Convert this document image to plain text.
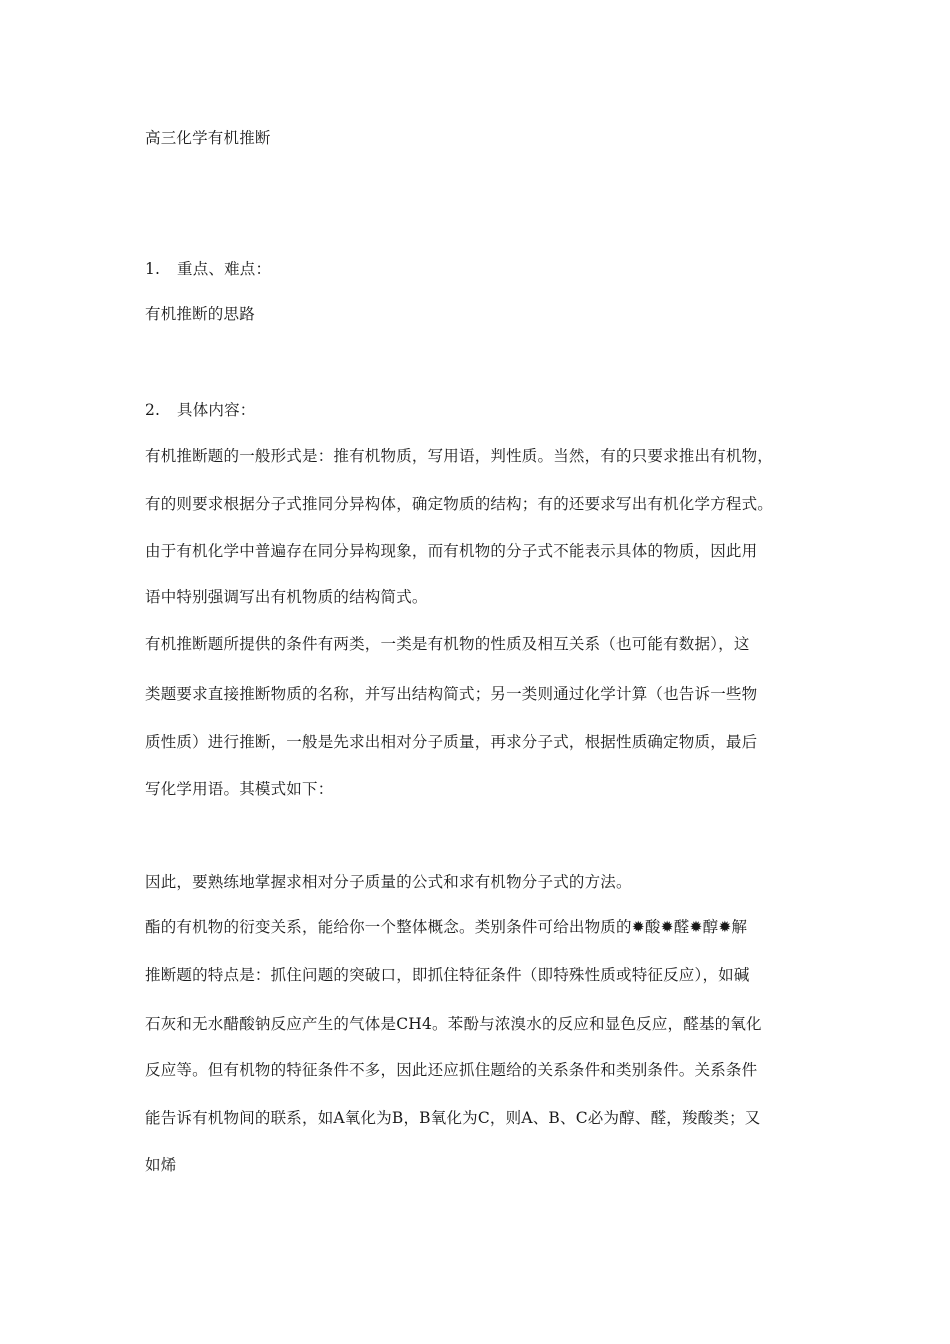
高三化学有机推断
1. 重点、难点：
有机推断的思路
2. 具体内容：
有机推断题的一般形式是：推有机物质，写用语，判性质。当然，有的只要求推出有机物，
有的则要求根据分子式推同分异构体，确定物质的结构；有的还要求写出有机化学方程式。
由于有机化学中普遍存在同分异构现象，而有机物的分子式不能表示具体的物质，因此用
语中特别强调写出有机物质的结构简式。
有机推断题所提供的条件有两类，一类是有机物的性质及相互关系（也可能有数据），这
类题要求直接推断物质的名称，并写出结构简式；另一类则通过化学计算（也告诉一些物
质性质）进行推断，一般是先求出相对分子质量，再求分子式，根据性质确定物质，最后
写化学用语。其模式如下：
因此，要熟练地掌握求相对分子质量的公式和求有机物分子式的方法。
酯的有机物的衍变关系，能给你一个整体概念。类别条件可给出物质的✹酸✹醛✹醇✹解
推断题的特点是：抓住问题的突破口，即抓住特征条件（即特殊性质或特征反应），如碱
石灰和无水醋酸钠反应产生的气体是CH4。苯酚与浓溴水的反应和显色反应，醛基的氧化
反应等。但有机物的特征条件不多，因此还应抓住题给的关系条件和类别条件。关系条件
能告诉有机物间的联系，如A氧化为B，B氧化为C，则A、B、C必为醇、醛，羧酸类；又
如烯
